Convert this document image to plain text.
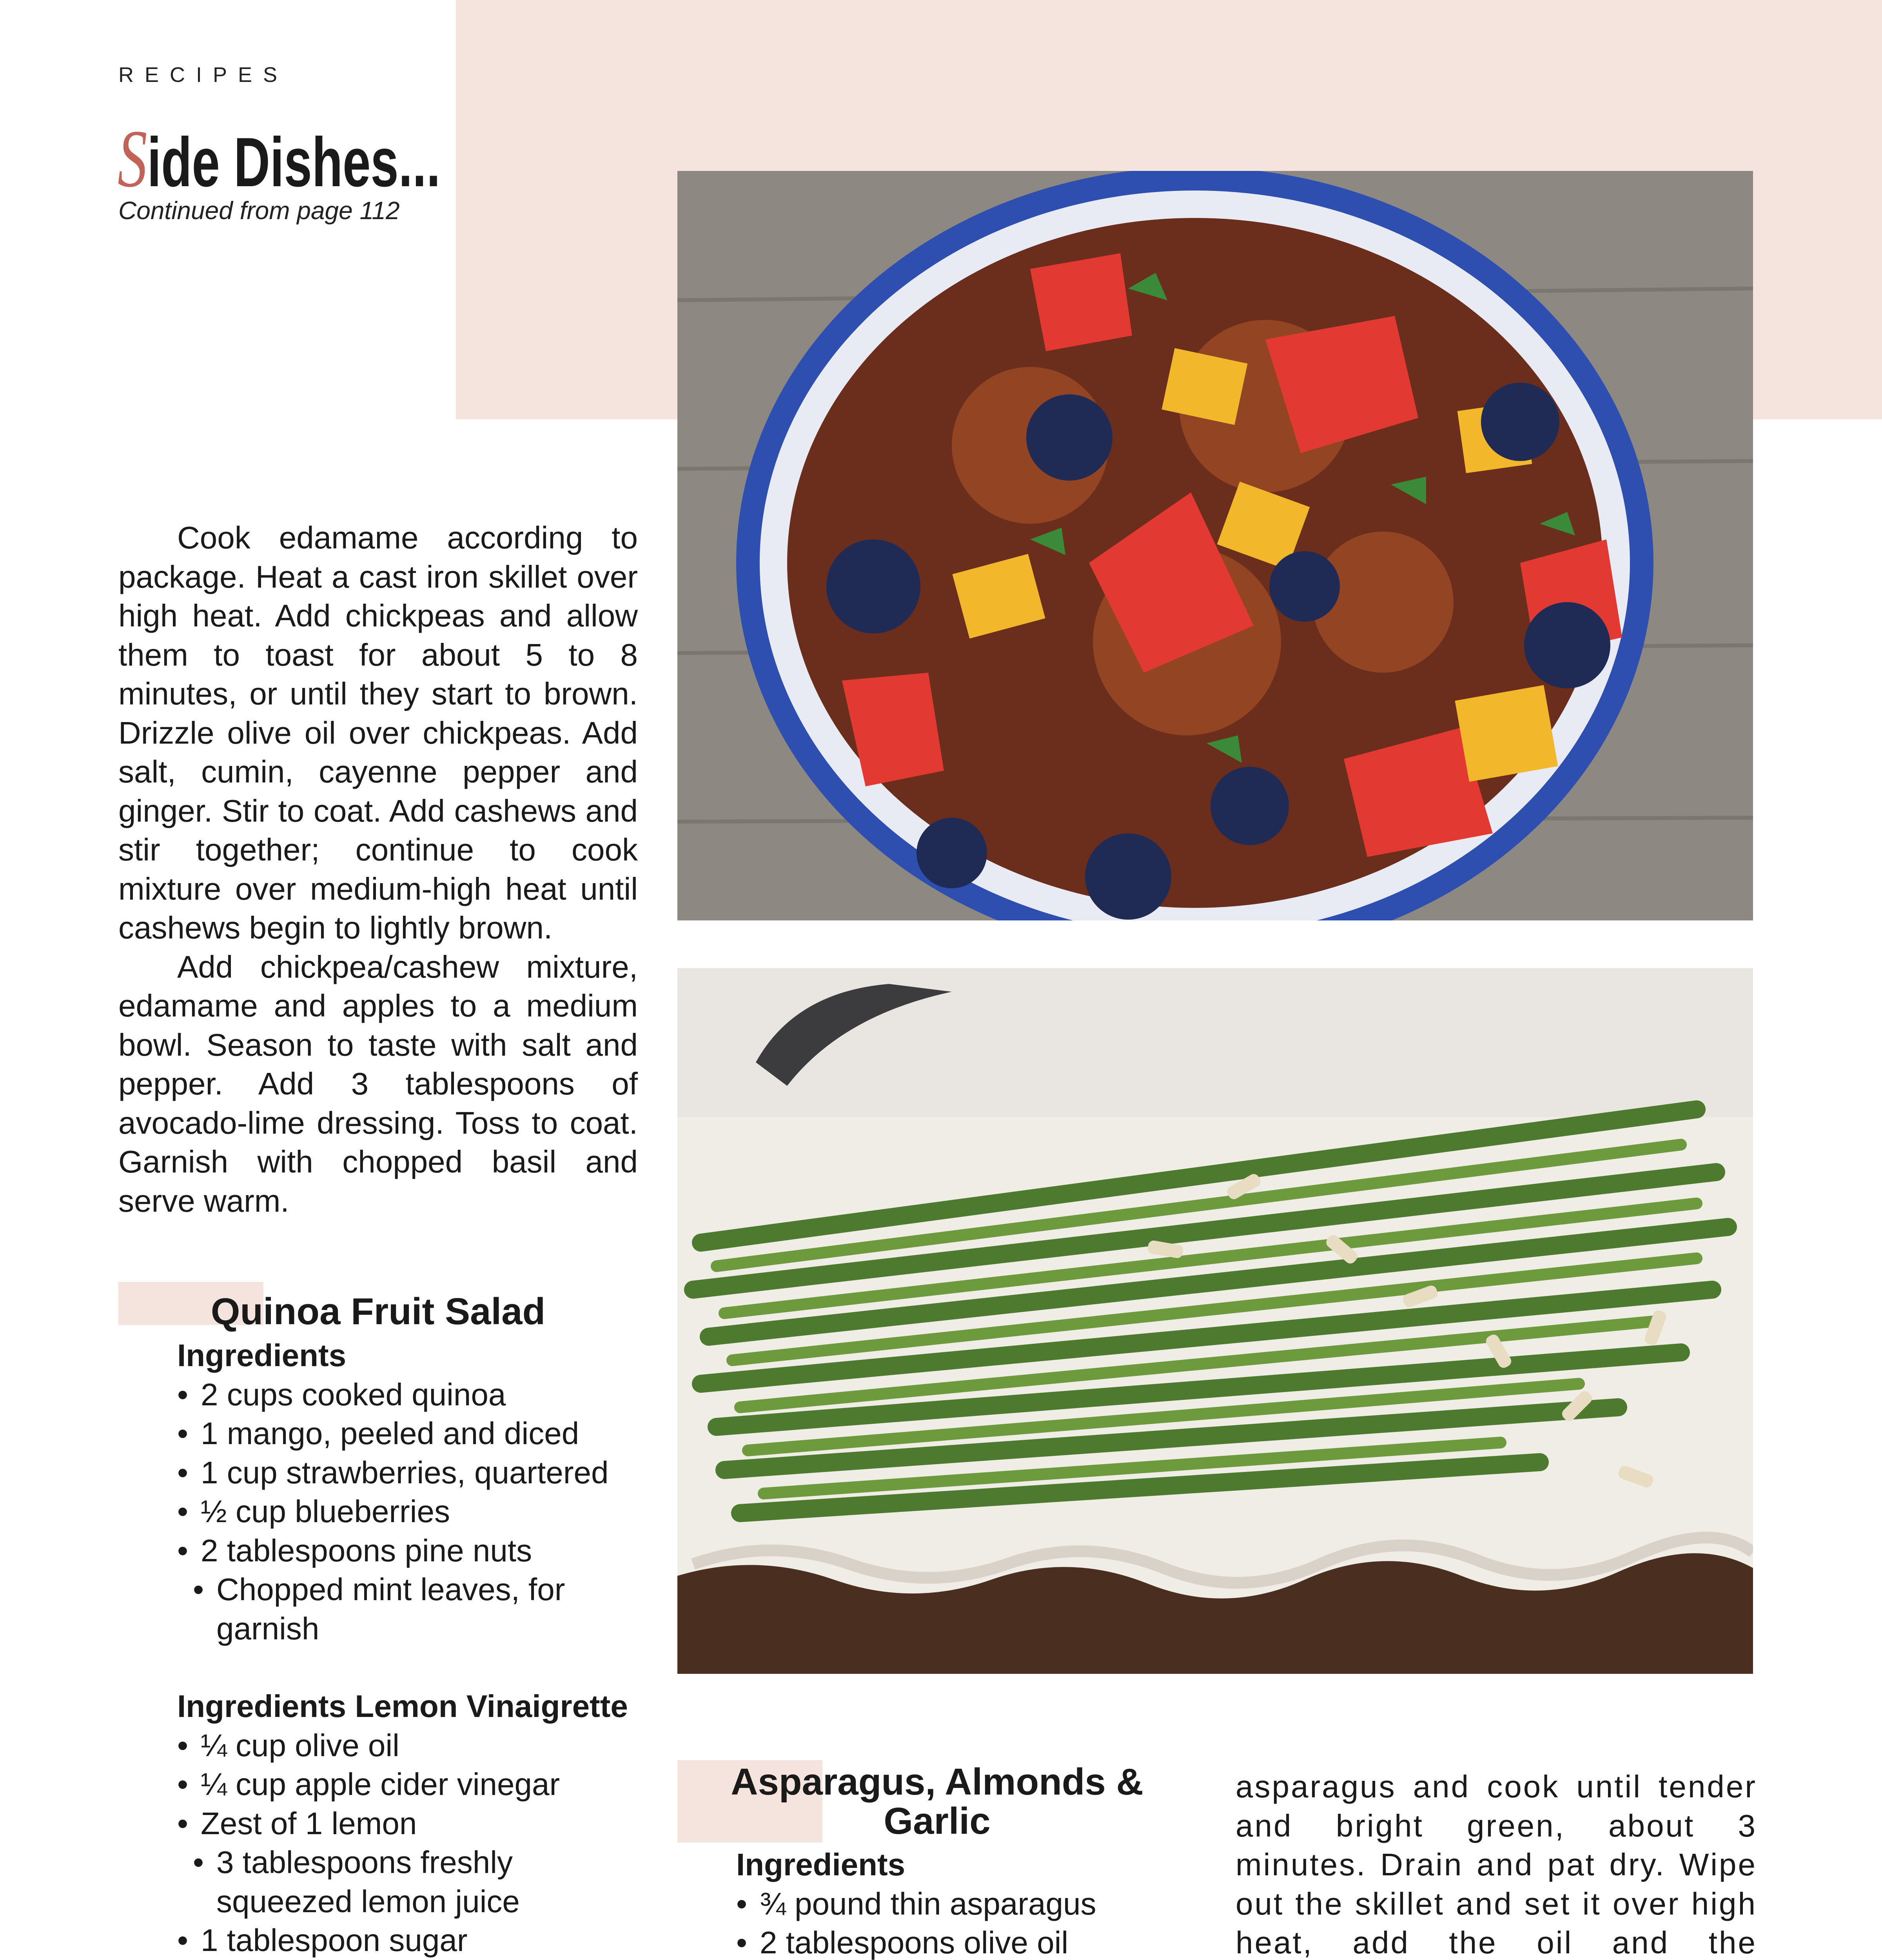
RECIPES
Side Dishes...
Continued from page 112

Cook edamame according to package. Heat a cast iron skillet over high heat. Add chickpeas and allow them to toast for about 5 to 8 minutes, or until they start to brown. Drizzle olive oil over chickpeas. Add salt, cumin, cayenne pepper and ginger. Stir to coat. Add cashews and stir together; continue to cook mixture over medium-high heat until cashews begin to lightly brown.

Add chickpea/cashew mixture, edamame and apples to a medium bowl. Season to taste with salt and pepper. Add 3 tablespoons of avocado-lime dressing. Toss to coat. Garnish with chopped basil and serve warm.

Quinoa Fruit Salad
Ingredients
• 2 cups cooked quinoa
• 1 mango, peeled and diced
• 1 cup strawberries, quartered
• ½ cup blueberries
• 2 tablespoons pine nuts
• Chopped mint leaves, for garnish
Ingredients Lemon Vinaigrette
• ¼ cup olive oil
• ¼ cup apple cider vinegar
• Zest of 1 lemon
• 3 tablespoons freshly squeezed lemon juice
• 1 tablespoon sugar

Asparagus, Almonds &
Garlic
Ingredients
• ¾ pound thin asparagus
• 2 tablespoons olive oil

asparagus and cook until tender and bright green, about 3 minutes. Drain and pat dry. Wipe out the skillet and set it over high heat, add the oil and the
